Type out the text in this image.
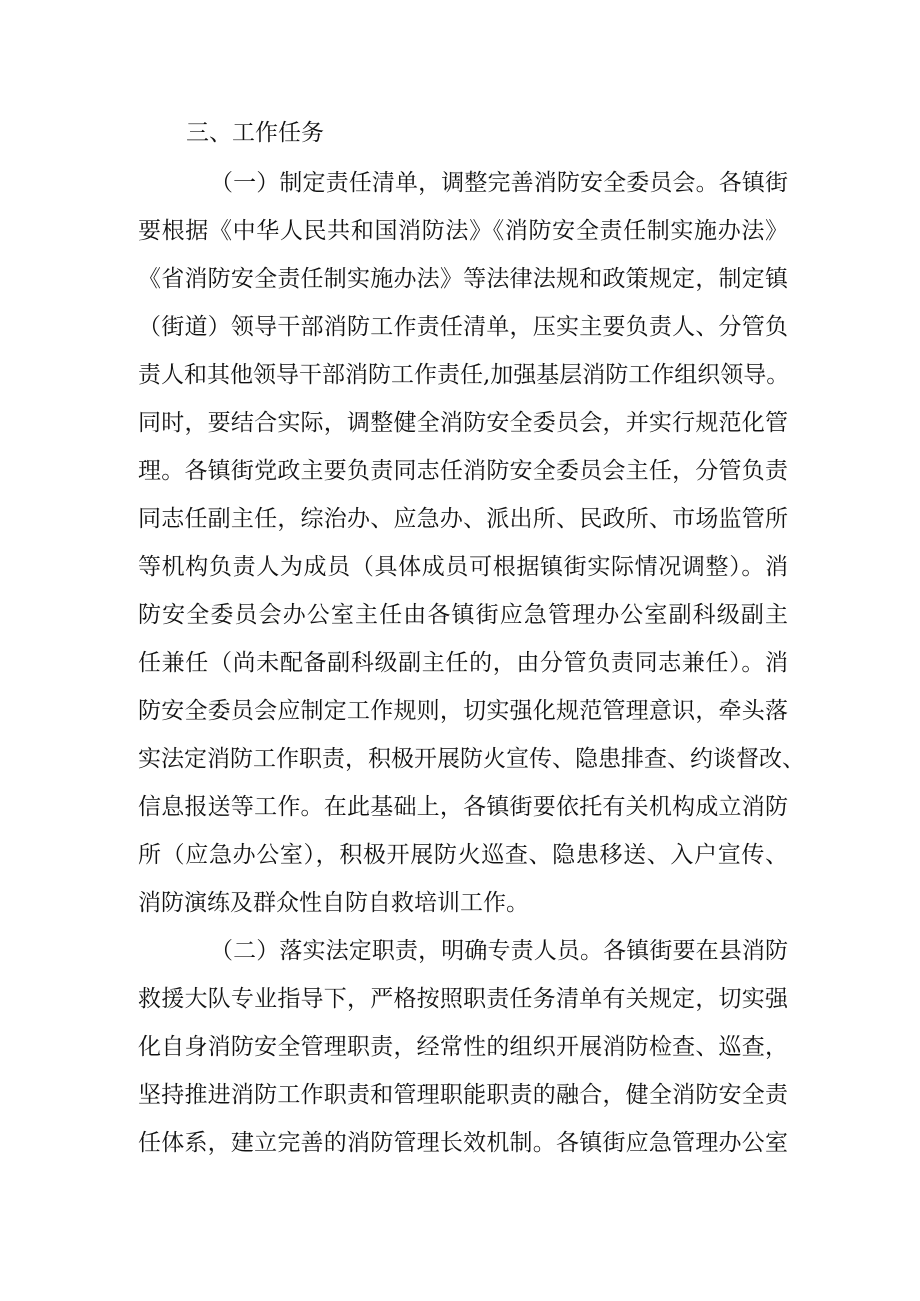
三、工作任务
（一）制定责任清单，调整完善消防安全委员会。各镇街
要根据《中华人民共和国消防法》《消防安全责任制实施办法》
《省消防安全责任制实施办法》等法律法规和政策规定，制定镇
（街道）领导干部消防工作责任清单，压实主要负责人、分管负
责人和其他领导干部消防工作责任,加强基层消防工作组织领导。
同时，要结合实际，调整健全消防安全委员会，并实行规范化管
理。各镇街党政主要负责同志任消防安全委员会主任，分管负责
同志任副主任，综治办、应急办、派出所、民政所、市场监管所
等机构负责人为成员（具体成员可根据镇街实际情况调整）。消
防安全委员会办公室主任由各镇街应急管理办公室副科级副主
任兼任（尚未配备副科级副主任的，由分管负责同志兼任）。消
防安全委员会应制定工作规则，切实强化规范管理意识，牵头落
实法定消防工作职责，积极开展防火宣传、隐患排查、约谈督改、
信息报送等工作。在此基础上，各镇街要依托有关机构成立消防
所（应急办公室），积极开展防火巡查、隐患移送、入户宣传、
消防演练及群众性自防自救培训工作。
（二）落实法定职责，明确专责人员。各镇街要在县消防
救援大队专业指导下，严格按照职责任务清单有关规定，切实强
化自身消防安全管理职责，经常性的组织开展消防检查、巡查，
坚持推进消防工作职责和管理职能职责的融合，健全消防安全责
任体系，建立完善的消防管理长效机制。各镇街应急管理办公室
